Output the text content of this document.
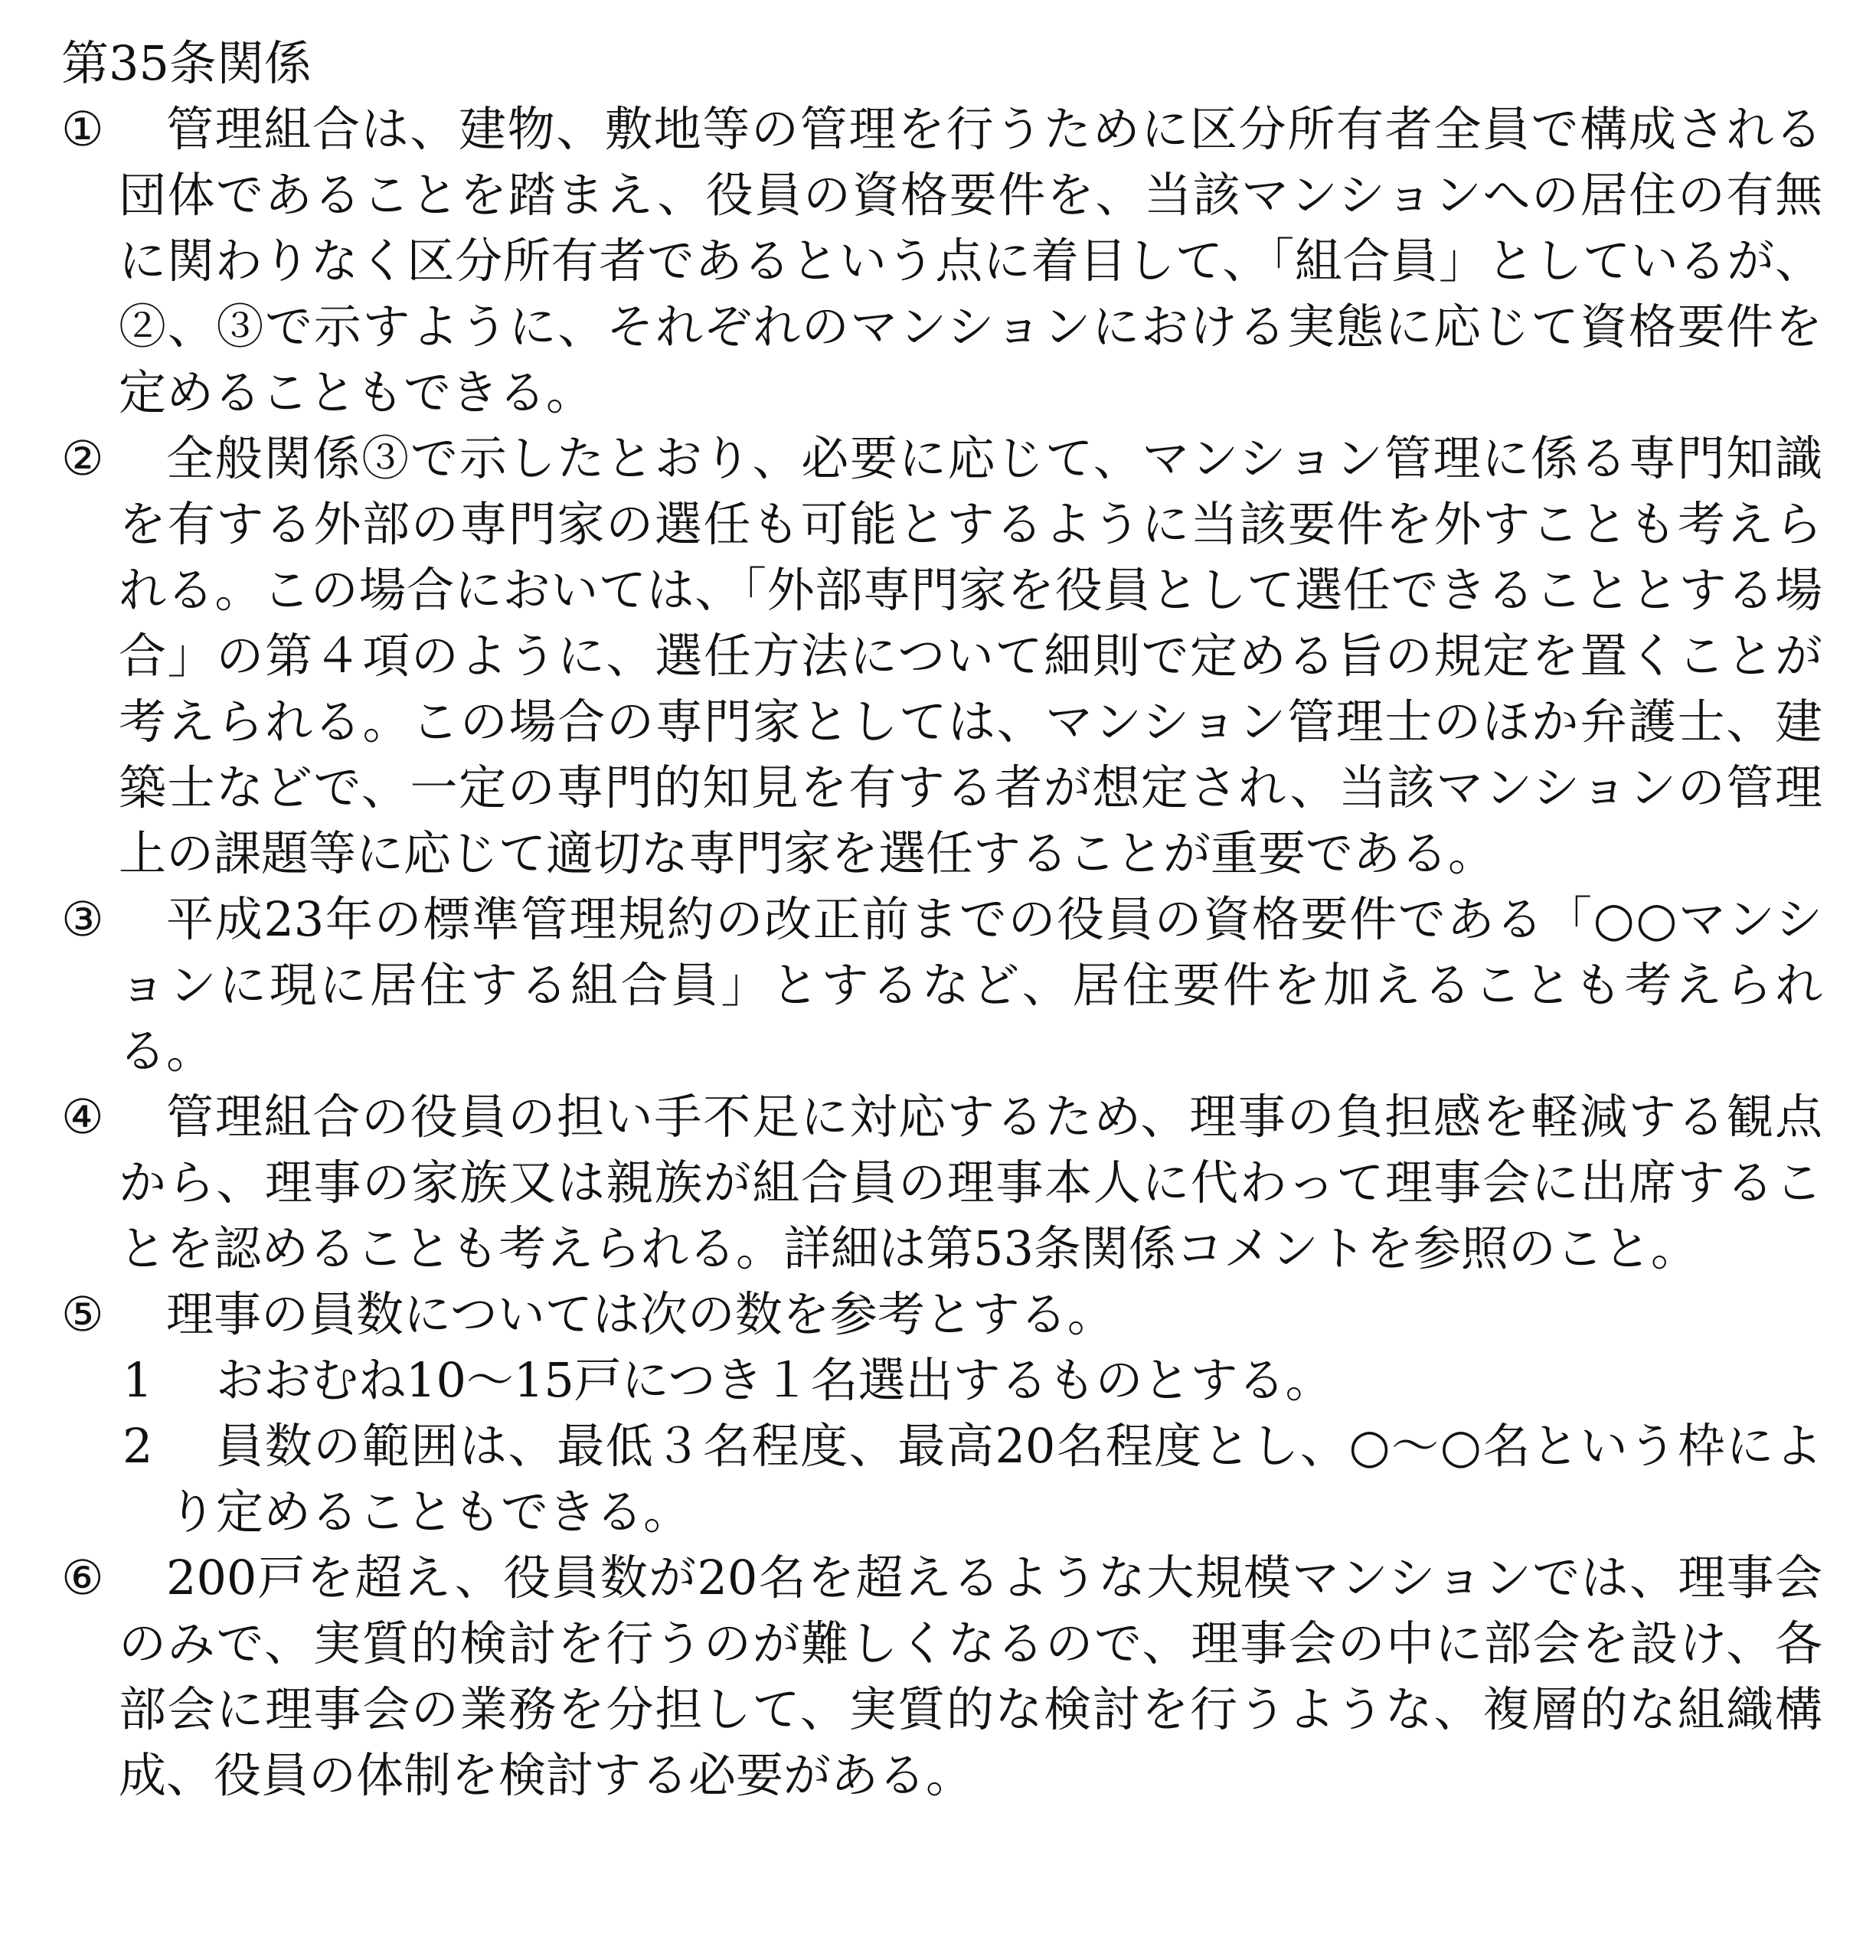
第35条関係
①	管理組合は、建物、敷地等の管理を行うために区分所有者全員で構成される団体であることを踏まえ、役員の資格要件を、当該マンションへの居住の有無に関わりなく区分所有者であるという点に着目して、「組合員」としているが、②、③で示すように、それぞれのマンションにおける実態に応じて資格要件を定めることもできる。
②	全般関係③で示したとおり、必要に応じて、マンション管理に係る専門知識を有する外部の専門家の選任も可能とするように当該要件を外すことも考えられる。この場合においては、「外部専門家を役員として選任できることとする場合」の第４項のように、選任方法について細則で定める旨の規定を置くことが考えられる。この場合の専門家としては、マンション管理士のほか弁護士、建築士などで、一定の専門的知見を有する者が想定され、当該マンションの管理上の課題等に応じて適切な専門家を選任することが重要である。
③	平成23年の標準管理規約の改正前までの役員の資格要件である「○○マンションに現に居住する組合員」とするなど、居住要件を加えることも考えられる。
④	管理組合の役員の担い手不足に対応するため、理事の負担感を軽減する観点から、理事の家族又は親族が組合員の理事本人に代わって理事会に出席することを認めることも考えられる。詳細は第53条関係コメントを参照のこと。
⑤	理事の員数については次の数を参考とする。
1	おおむね10～15戸につき１名選出するものとする。
2	員数の範囲は、最低３名程度、最高20名程度とし、○～○名という枠により定めることもできる。
⑥	200戸を超え、役員数が20名を超えるような大規模マンションでは、理事会のみで、実質的検討を行うのが難しくなるので、理事会の中に部会を設け、各部会に理事会の業務を分担して、実質的な検討を行うような、複層的な組織構成、役員の体制を検討する必要がある。
